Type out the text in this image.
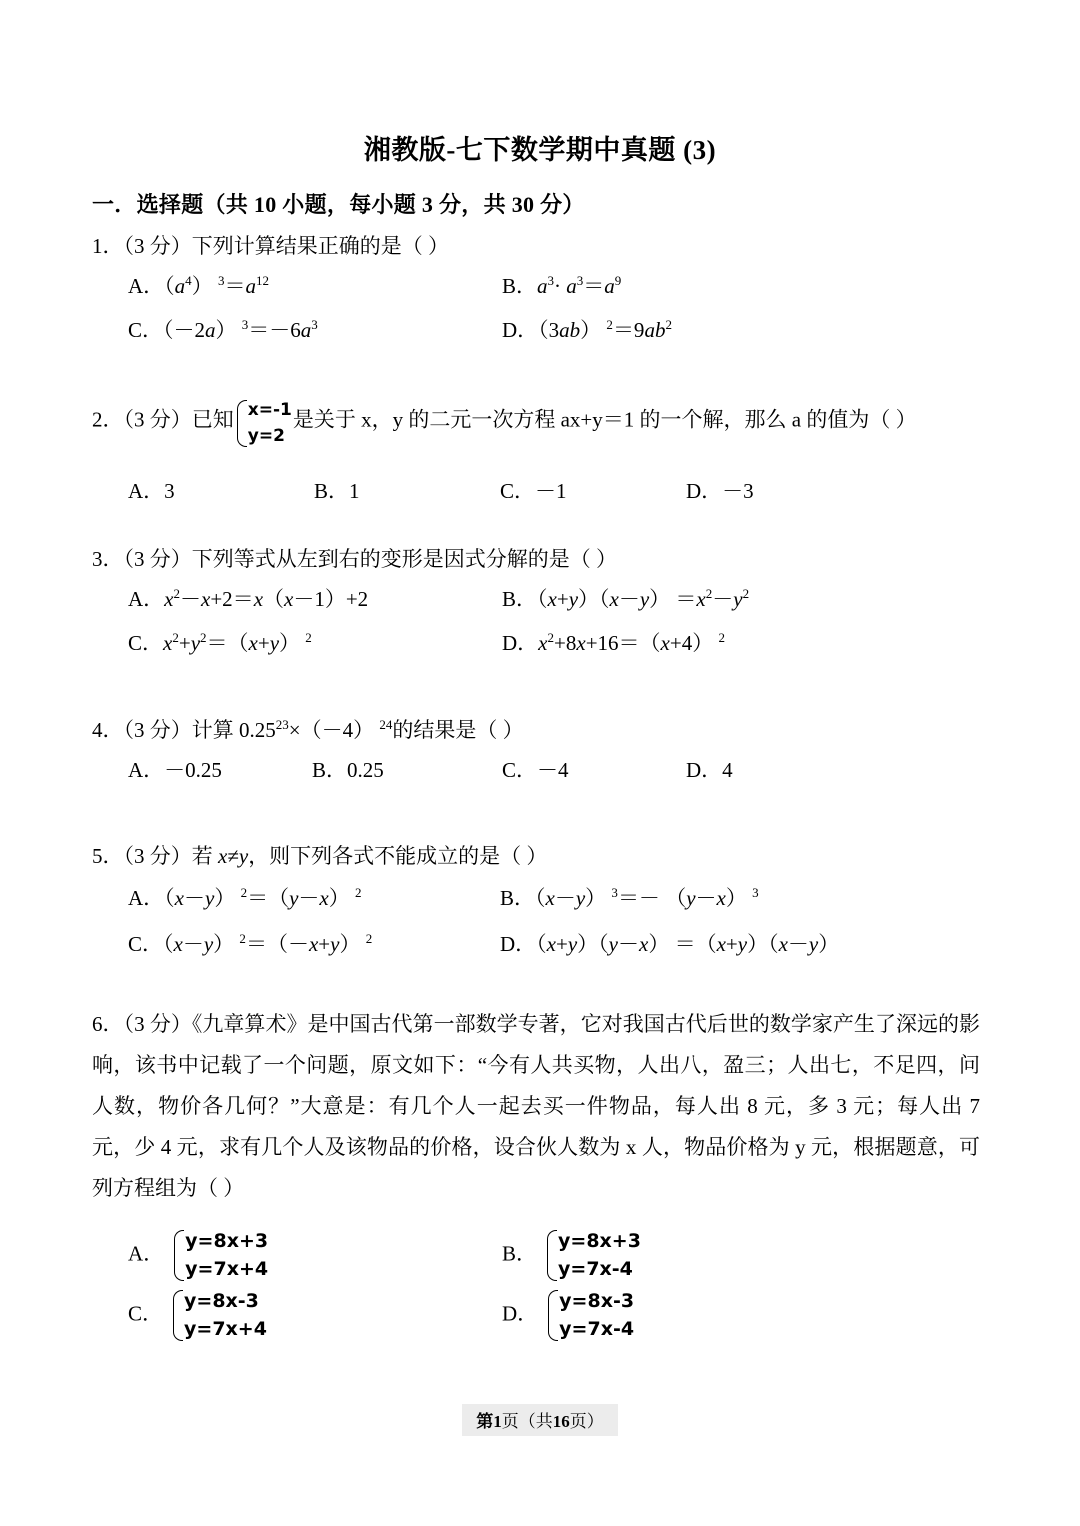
湘教版-七下数学期中真题 (3)
一．选择题（共 10 小题，每小题 3 分，共 30 分）
1．（3 分）下列计算结果正确的是（ ）
A．$(a^4)$ $^3=a^{12}$	B．$a^3\cdot a^3=a^9$
C．（－2a） $^3=-6a^3$	D．（3ab） $^2=9ab^2$
2．（3 分）已知 x=-1
y=2
是关于 x，y 的二元一次方程 ax+y＝1 的一个解，那么 a 的值为（ ）
A．3	B．1	C．－1	D．－3
3．（3 分）下列等式从左到右的变形是因式分解的是（ ）
A．$x^2-x+2=x(x-1)+2$	B．$(x+y)(x-y) =x^2-y^2$
C．$x^2+y^2=(x+y)$ $^2$	D．$x^2+8x+16=(x+4)$ $^2$
4．（3 分）计算 $0.25^{23}\times(-4)$ $^{24}$的结果是（ ）
A．－0.25	B．0.25	C．－4	D．4
5．（3 分）若 x≠y，则下列各式不能成立的是（ ）
A．（x－y） $^2$＝（y－x） $^2$	B．（x－y） $^3$＝－ （y－x） $^3$
C．（x－y） $^2$＝（－x+y） $^2$	D．（x+y）（y－x） ＝（x+y）（x－y）
6．（3 分）《九章算术》是中国古代第一部数学专著，它对我国古代后世的数学家产生了深远的影响，该书中记载了一个问题，原文如下：“今有人共买物，人出八，盈三；人出七，不足四，问人数，物价各几何？”大意是：有几个人一起去买一件物品，每人出 8 元，多 3 元；每人出 7 元，少 4 元，求有几个人及该物品的价格，设合伙人数为 x 人，物品价格为 y 元，根据题意，可列方程组为（ ）
A．
y=8x+3
y=7x+4
B．
y=8x+3
y=7x-4
C．
y=8x-3
y=7x+4
D．
y=8x-3
y=7x-4
第1页（共16页）
